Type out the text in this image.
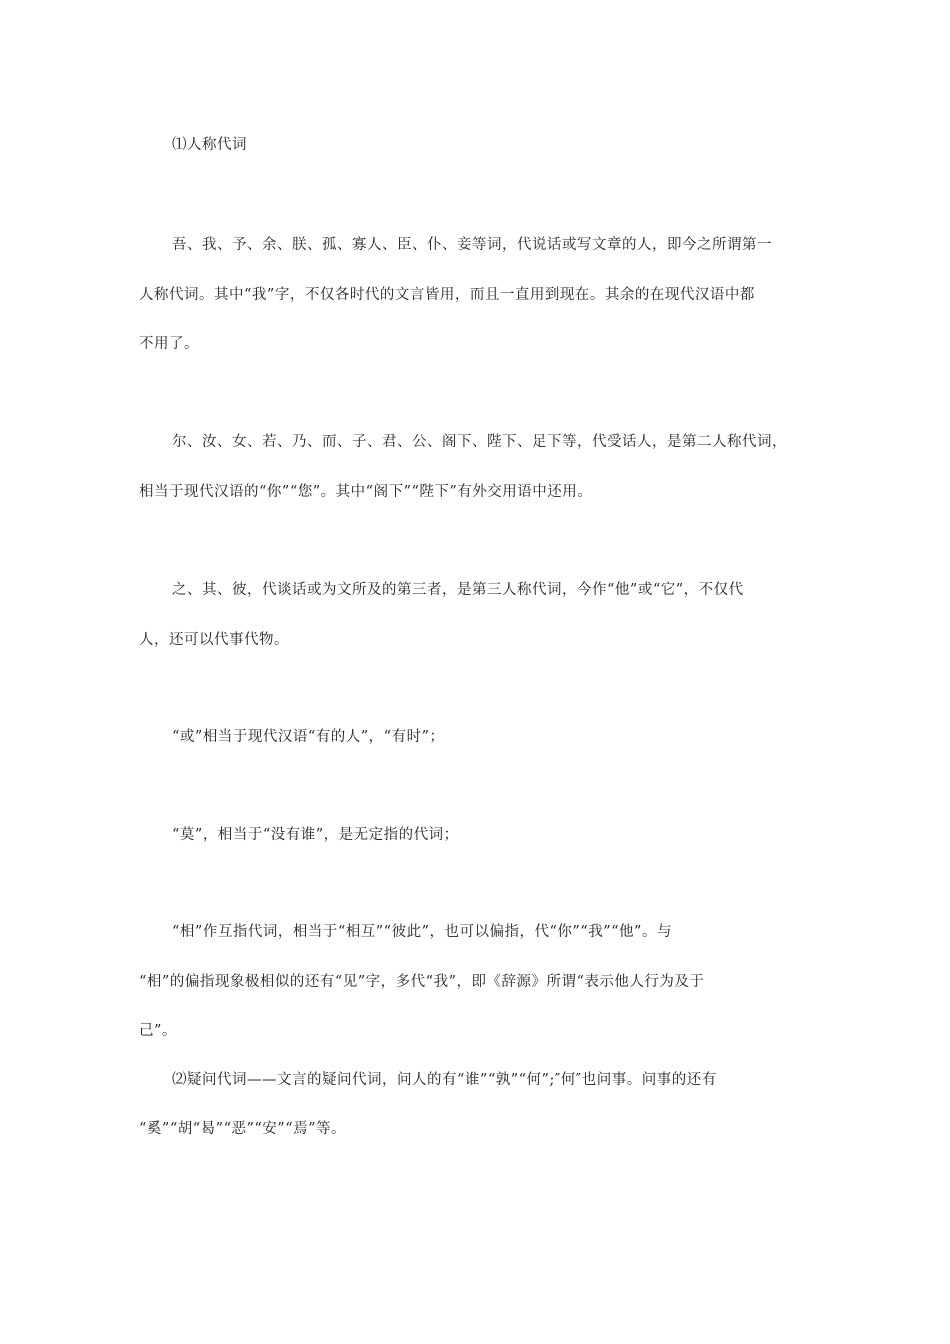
⑴人称代词
吾、我、予、余、朕、孤、寡人、臣、仆、妾等词，代说话或写文章的人，即今之所谓第一
人称代词。其中“我”字，不仅各时代的文言皆用，而且一直用到现在。其余的在现代汉语中都
不用了。
尔、汝、女、若、乃、而、子、君、公、阁下、陛下、足下等，代受话人，是第二人称代词，
相当于现代汉语的“你”“您”。其中“阁下”“陛下”有外交用语中还用。
之、其、彼，代谈话或为文所及的第三者，是第三人称代词，今作“他”或“它”，不仅代
人，还可以代事代物。
“或”相当于现代汉语“有的人”，“有时”；
“莫”，相当于“没有谁”，是无定指的代词；
“相”作互指代词，相当于“相互”“彼此”，也可以偏指，代“你”“我”“他”。与
“相”的偏指现象极相似的还有“见”字，多代“我”，即《辞源》所谓“表示他人行为及于
己”。
⑵疑问代词——文言的疑问代词，问人的有“谁”“孰”“何”;″何″也问事。问事的还有
“奚”“胡“曷”“恶”“安”“焉”等。
